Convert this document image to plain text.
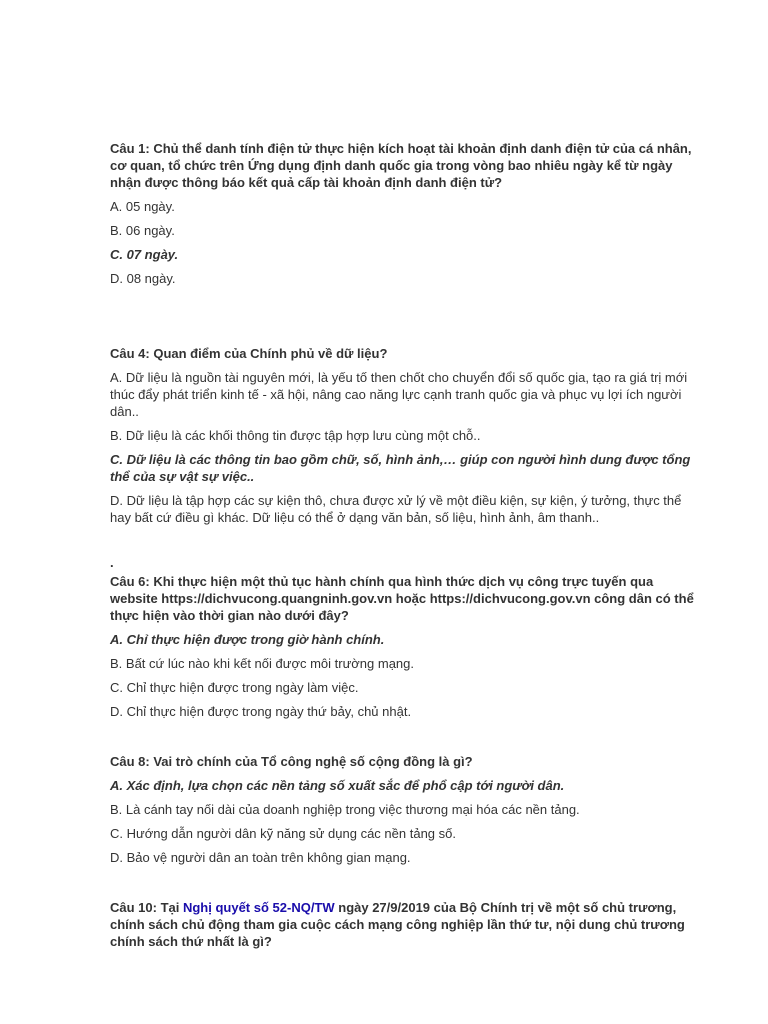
Câu 1: Chủ thể danh tính điện tử thực hiện kích hoạt tài khoản định danh điện tử của cá nhân, cơ quan, tổ chức trên Ứng dụng định danh quốc gia trong vòng bao nhiêu ngày kể từ ngày nhận được thông báo kết quả cấp tài khoản định danh điện tử?
A. 05 ngày.
B. 06 ngày.
C. 07 ngày.
D. 08 ngày.
Câu 4: Quan điểm của Chính phủ về dữ liệu?
A. Dữ liệu là nguồn tài nguyên mới, là yếu tố then chốt cho chuyển đổi số quốc gia, tạo ra giá trị mới thúc đẩy phát triển kinh tế - xã hội, nâng cao năng lực cạnh tranh quốc gia và phục vụ lợi ích người dân..
B. Dữ liệu là các khối thông tin được tập hợp lưu cùng một chỗ..
C. Dữ liệu là các thông tin bao gồm chữ, số, hình ảnh,… giúp con người hình dung được tổng thể của sự vật sự việc..
D. Dữ liệu là tập hợp các sự kiện thô, chưa được xử lý về một điều kiện, sự kiện, ý tưởng, thực thể hay bất cứ điều gì khác. Dữ liệu có thể ở dạng văn bản, số liệu, hình ảnh, âm thanh..
.
Câu 6: Khi thực hiện một thủ tục hành chính qua hình thức dịch vụ công trực tuyến qua website https://dichvucong.quangninh.gov.vn hoặc https://dichvucong.gov.vn công dân có thể thực hiện vào thời gian nào dưới đây?
A. Chỉ thực hiện được trong giờ hành chính.
B. Bất cứ lúc nào khi kết nối được môi trường mạng.
C. Chỉ thực hiện được trong ngày làm việc.
D. Chỉ thực hiện được trong ngày thứ bảy, chủ nhật.
Câu 8: Vai trò chính của Tổ công nghệ số cộng đồng là gì?
A. Xác định, lựa chọn các nền tảng số xuất sắc để phổ cập tới người dân.
B. Là cánh tay nối dài của doanh nghiệp trong việc thương mại hóa các nền tảng.
C. Hướng dẫn người dân kỹ năng sử dụng các nền tảng số.
D. Bảo vệ người dân an toàn trên không gian mạng.
Câu 10: Tại Nghị quyết số 52-NQ/TW ngày 27/9/2019 của Bộ Chính trị về một số chủ trương, chính sách chủ động tham gia cuộc cách mạng công nghiệp lần thứ tư, nội dung chủ trương chính sách thứ nhất là gì?
